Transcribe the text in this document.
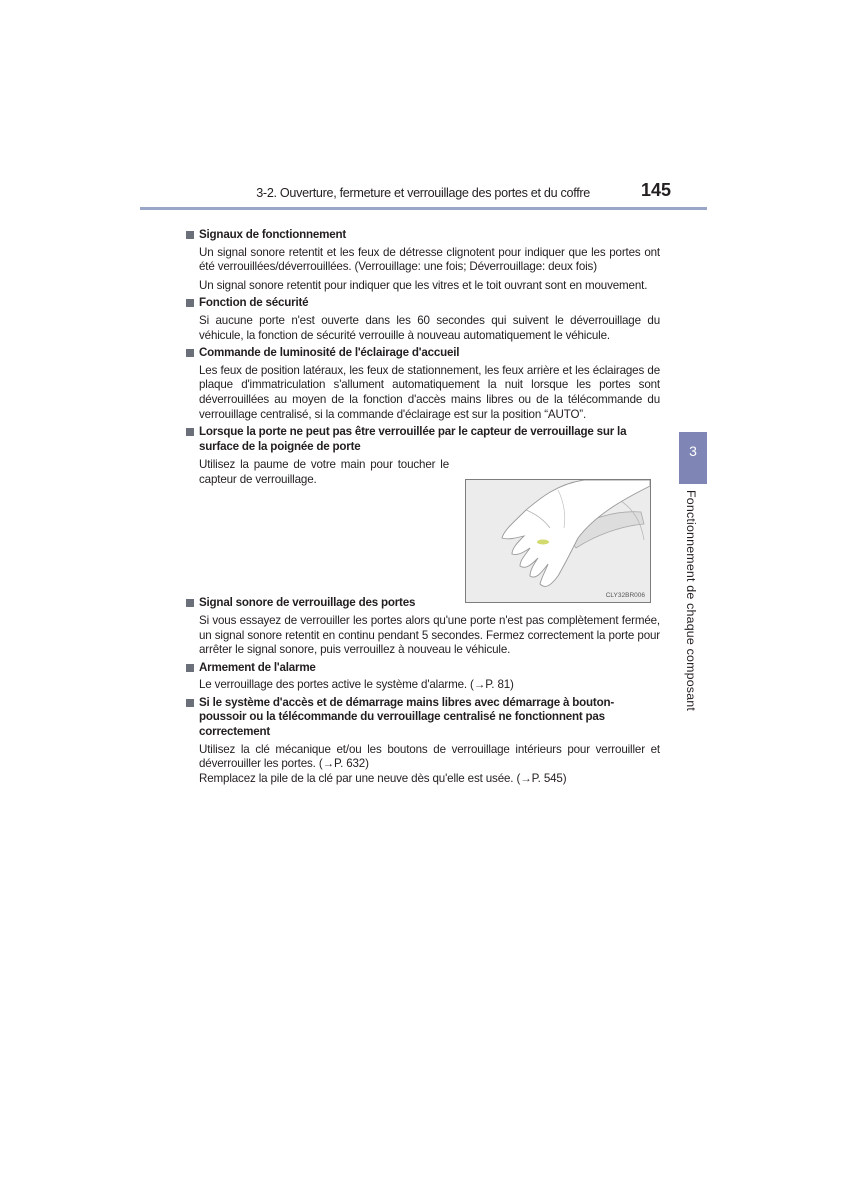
3-2. Ouverture, fermeture et verrouillage des portes et du coffre	145
3
Fonctionnement de chaque composant

Signaux de fonctionnement

Un signal sonore retentit et les feux de détresse clignotent pour indiquer que les portes ont été verrouillées/déverrouillées. (Verrouillage: une fois; Déverrouillage: deux fois)

Un signal sonore retentit pour indiquer que les vitres et le toit ouvrant sont en mouvement.

Fonction de sécurité

Si aucune porte n'est ouverte dans les 60 secondes qui suivent le déverrouillage du véhicule, la fonction de sécurité verrouille à nouveau automatiquement le véhicule.

Commande de luminosité de l'éclairage d'accueil

Les feux de position latéraux, les feux de stationnement, les feux arrière et les éclairages de plaque d'immatriculation s'allument automatiquement la nuit lorsque les portes sont déverrouillées au moyen de la fonction d'accès mains libres ou de la télécommande du verrouillage centralisé, si la commande d'éclairage est sur la position “AUTO”.

Lorsque la porte ne peut pas être verrouillée par le capteur de verrouillage sur la surface de la poignée de porte

Utilisez la paume de votre main pour toucher le capteur de verrouillage.

Signal sonore de verrouillage des portes

Si vous essayez de verrouiller les portes alors qu'une porte n'est pas complètement fermée, un signal sonore retentit en continu pendant 5 secondes. Fermez correctement la porte pour arrêter le signal sonore, puis verrouillez à nouveau le véhicule.

Armement de l'alarme

Le verrouillage des portes active le système d'alarme. (→P. 81)

Si le système d'accès et de démarrage mains libres avec démarrage à bouton-poussoir ou la télécommande du verrouillage centralisé ne fonctionnent pas correctement

Utilisez la clé mécanique et/ou les boutons de verrouillage intérieurs pour verrouiller et déverrouiller les portes. (→P. 632)

Remplacez la pile de la clé par une neuve dès qu'elle est usée. (→P. 545)

CLY32BR006
